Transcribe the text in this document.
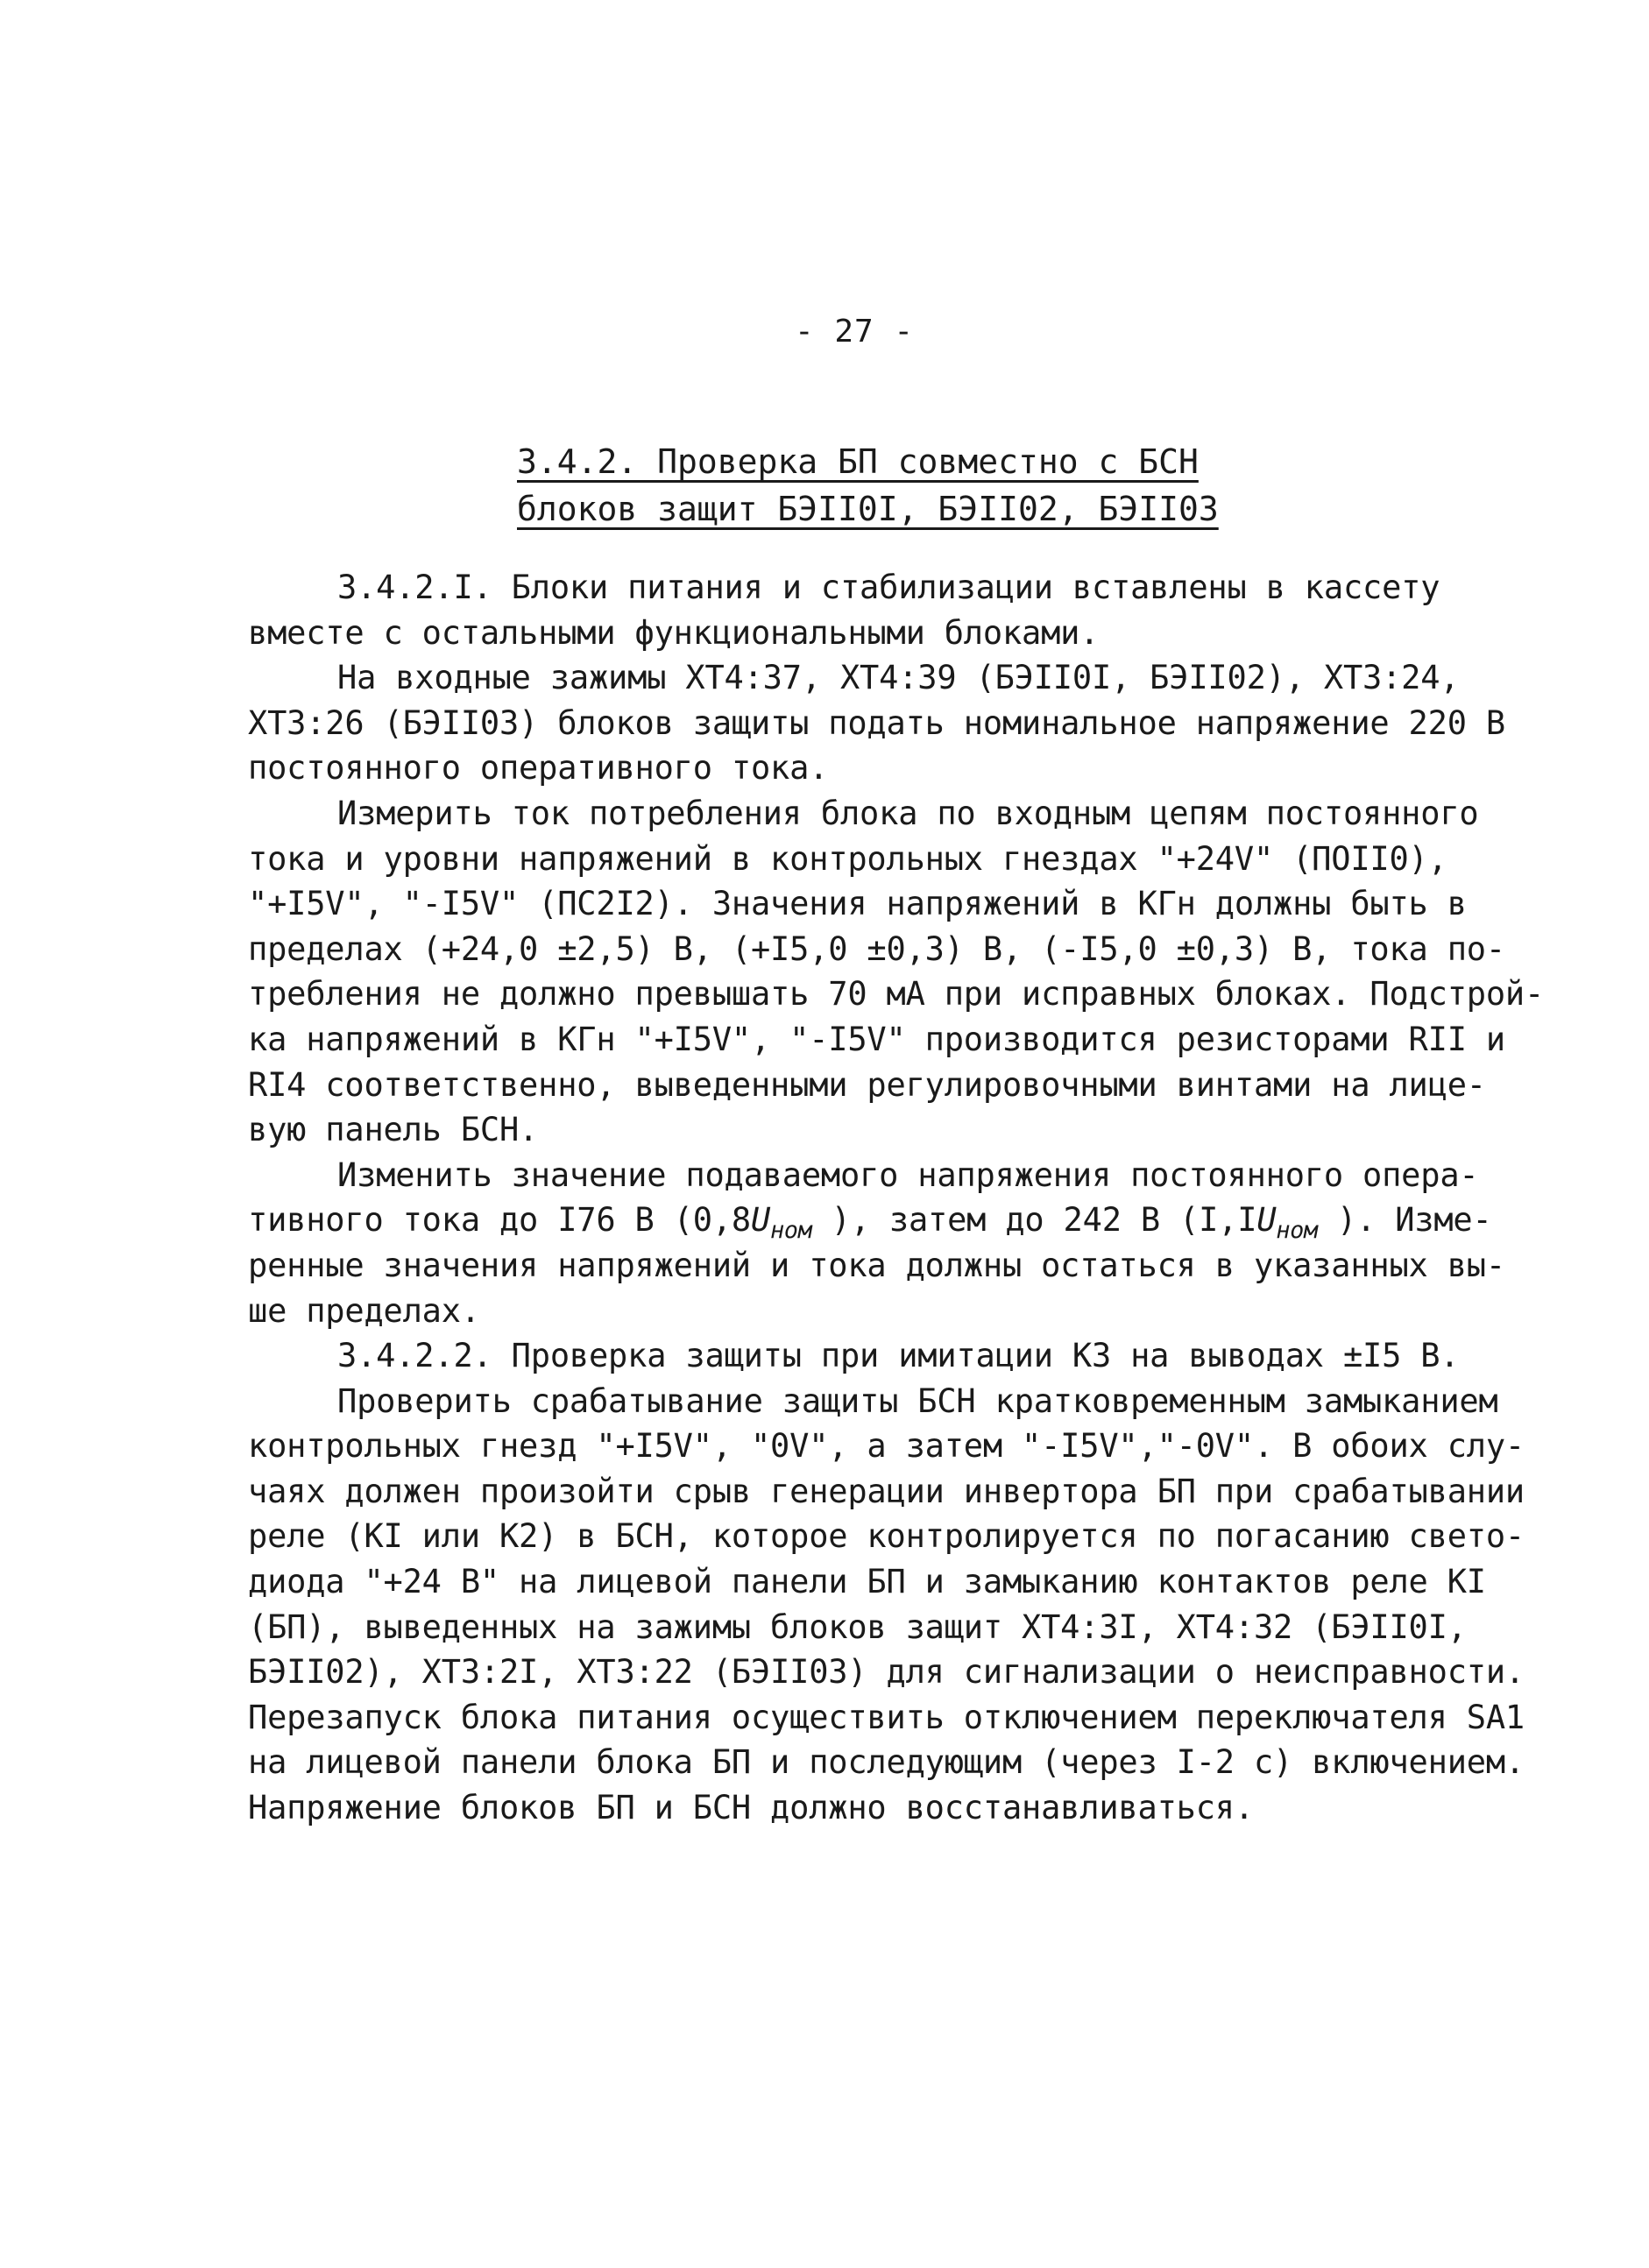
- 27 -
3.4.2. Проверка БП совместно с БСН
блоков защит БЭII0I, БЭII02, БЭII03
3.4.2.I. Блоки питания и стабилизации вставлены в кассету
вместе с остальными функциональными блоками.
На входные зажимы ХТ4:37, ХТ4:39 (БЭII0I, БЭII02), ХТ3:24,
ХТ3:26 (БЭII03) блоков защиты подать номинальное напряжение 220 В
постоянного оперативного тока.
Измерить ток потребления блока по входным цепям постоянного
тока и уровни напряжений в контрольных гнездах "+24V" (ПОII0),
"+I5V", "-I5V" (ПС2I2). Значения напряжений в КГн должны быть в
пределах (+24,0 ±2,5) В, (+I5,0 ±0,3) В, (-I5,0 ±0,3) В, тока по-
требления не должно превышать 70 мА при исправных блоках. Подстрой-
ка напряжений в КГн "+I5V", "-I5V" производится резисторами RII и
RI4 соответственно, выведенными регулировочными винтами на лице-
вую панель БСН.
Изменить значение подаваемого напряжения постоянного опера-
тивного тока до I76 В ($0,8U_{ном}$ ), затем до 242 В ($I,IU_{ном}$ ). Изме-
ренные значения напряжений и тока должны остаться в указанных вы-
ше пределах.
3.4.2.2. Проверка защиты при имитации КЗ на выводах ±I5 В.
Проверить срабатывание защиты БСН кратковременным замыканием
контрольных гнезд "+I5V", "0V", а затем "-I5V","-0V". В обоих слу-
чаях должен произойти срыв генерации инвертора БП при срабатывании
реле (КI или К2) в БСН, которое контролируется по погасанию свето-
диода "+24 В" на лицевой панели БП и замыканию контактов реле КI
(БП), выведенных на зажимы блоков защит ХТ4:3I, ХТ4:32 (БЭII0I,
БЭII02), ХТ3:2I, ХТ3:22 (БЭII03) для сигнализации о неисправности.
Перезапуск блока питания осуществить отключением переключателя SA1
на лицевой панели блока БП и последующим (через I-2 с) включением.
Напряжение блоков БП и БСН должно восстанавливаться.
